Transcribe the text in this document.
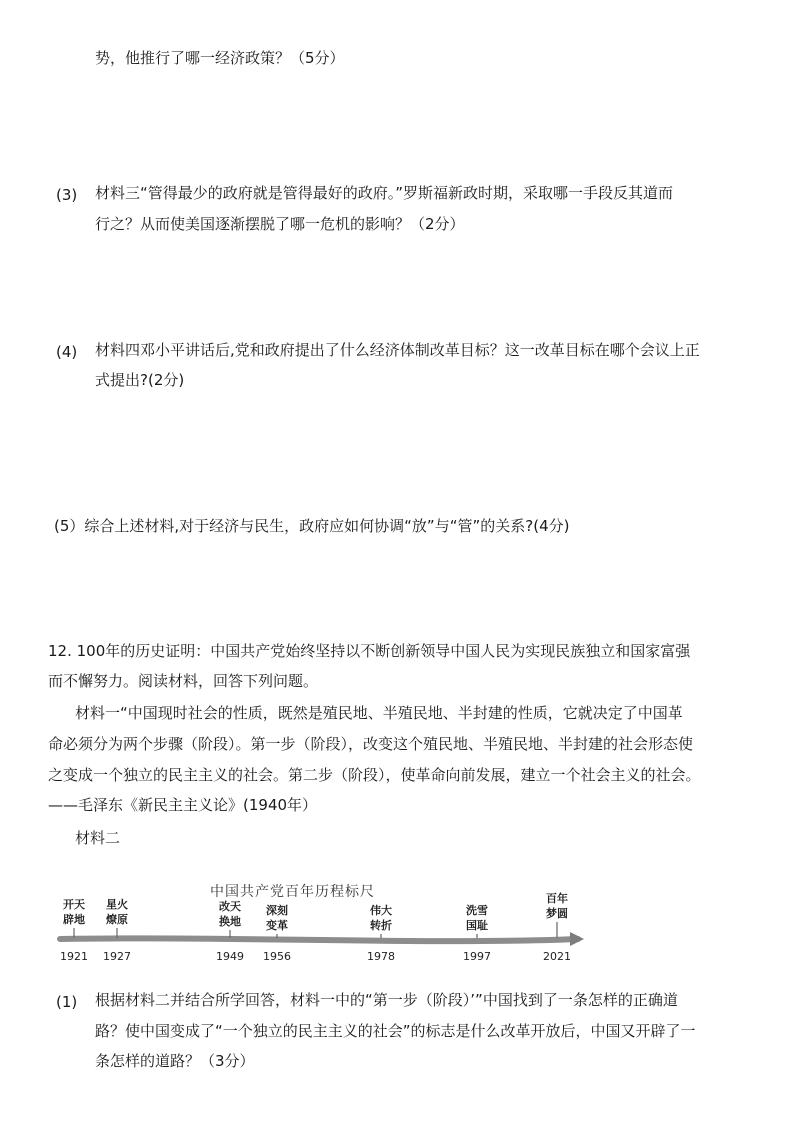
势，他推行了哪一经济政策？（5分）
(3) 材料三“管得最少的政府就是管得最好的政府。”罗斯福新政时期，采取哪一手段反其道而
行之？从而使美国逐渐摆脱了哪一危机的影响？（2分）
(4) 材料四邓小平讲话后,党和政府提出了什么经济体制改革目标？这一改革目标在哪个会议上正
式提出?(2分)
(5）综合上述材料,对于经济与民生，政府应如何协调“放”与“管”的关系?(4分)
12. 100年的历史证明：中国共产党始终坚持以不断创新领导中国人民为实现民族独立和国家富强
而不懈努力。阅读材料，回答下列问题。
材料一“中国现时社会的性质，既然是殖民地、半殖民地、半封建的性质，它就决定了中国革
命必须分为两个步骤（阶段）。第一步（阶段），改变这个殖民地、半殖民地、半封建的社会形态使
之变成一个独立的民主主义的社会。第二步（阶段），使革命向前发展，建立一个社会主义的社会。
——毛泽东《新民主主义论》(1940年）
材料二
中国共产党百年历程标尺
开天
辟地
1921
星火
燎原
1927
改天
换地
1949
深刻
变革
1956
伟大
转折
1978
洗雪
国耻
1997
百年
梦圆
2021
(1) 根据材料二并结合所学回答，材料一中的“第一步（阶段）’”中国找到了一条怎样的正确道
路？使中国变成了“一个独立的民主主义的社会”的标志是什么改革开放后，中国又开辟了一
条怎样的道路？（3分）
